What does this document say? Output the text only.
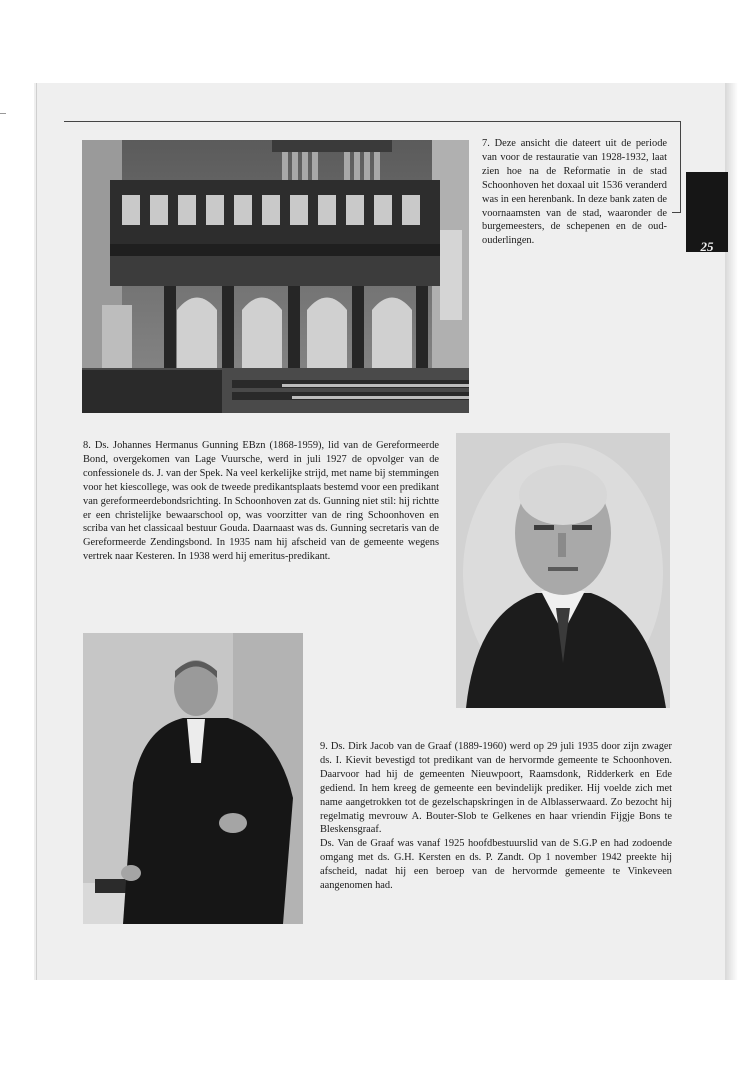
25

7. Deze ansicht die dateert uit de periode van voor de restauratie van 1928-1932, laat zien hoe na de Reformatie in de stad Schoonhoven het doxaal uit 1536 veranderd was in een herenbank. In deze bank zaten de voornaamsten van de stad, waaronder de burgemeesters, de schepenen en de oud-ouderlingen.

8. Ds. Johannes Hermanus Gunning EBzn (1868-1959), lid van de Gereformeerde Bond, overgekomen van Lage Vuursche, werd in juli 1927 de opvolger van de confessionele ds. J. van der Spek. Na veel kerkelijke strijd, met name bij stemmingen voor het kiescollege, was ook de tweede predikantsplaats bestemd voor een predikant van gereformeerdebondsrichting. In Schoonhoven zat ds. Gunning niet stil: hij richtte er een christelijke bewaarschool op, was voorzitter van de ring Schoonhoven en scriba van het classicaal bestuur Gouda. Daarnaast was ds. Gunning secretaris van de Gereformeerde Zendingsbond. In 1935 nam hij afscheid van de gemeente wegens vertrek naar Kesteren. In 1938 werd hij emeritus-predikant.

9. Ds. Dirk Jacob van de Graaf (1889-1960) werd op 29 juli 1935 door zijn zwager ds. I. Kievit bevestigd tot predikant van de hervormde gemeente te Schoonhoven. Daarvoor had hij de gemeenten Nieuwpoort, Raamsdonk, Ridderkerk en Ede gediend. In hem kreeg de gemeente een bevindelijk prediker. Hij voelde zich met name aangetrokken tot de gezelschapskringen in de Alblasserwaard. Zo bezocht hij regelmatig mevrouw A. Bouter-Slob te Gelkenes en haar vriendin Fijgje Bons te Bleskensgraaf.

Ds. Van de Graaf was vanaf 1925 hoofdbestuurslid van de S.G.P en had zodoende omgang met ds. G.H. Kersten en ds. P. Zandt. Op 1 november 1942 preekte hij afscheid, nadat hij een beroep van de hervormde gemeente te Vinkeveen aangenomen had.
